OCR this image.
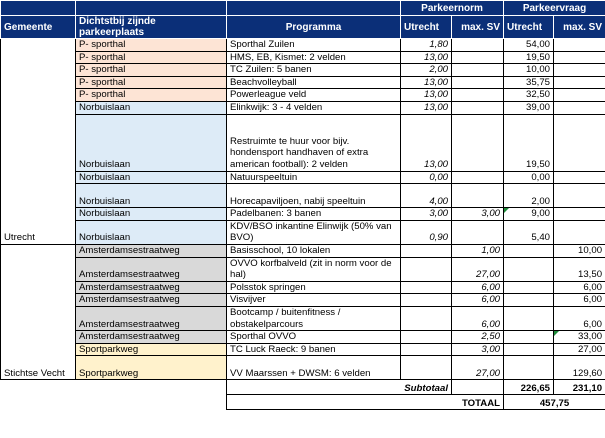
			Parkeernorm		Parkeervraag	
Gemeente	Dichtstbij zijnde parkeerplaats	Programma	Utrecht	max. SV	Utrecht	max. SV
Utrecht	P- sporthal	Sporthal Zuilen	1,80		54,00	
	P- sporthal	HMS, EB, Kismet: 2 velden	13,00		19,50	
	P- sporthal	TC Zuilen: 5 banen	2,00		10,00	
	P- sporthal	Beachvolleyball	13,00		35,75	
	P- sporthal	Powerleague veld	13,00		32,50	
	Norbuislaan	Elinkwijk: 3 - 4 velden	13,00		39,00	
	Norbuislaan	Restruimte te huur voor bijv. hondensport handhaven of extra american football): 2 velden	13,00		19,50	
	Norbuislaan	Natuurspeeltuin	0,00		0,00	
	Norbuislaan	Horecapaviljoen, nabij speeltuin	4,00		2,00	
	Norbuislaan	Padelbanen: 3 banen	3,00	3,00	9,00	
	Norbuislaan	KDV/BSO inkantine Elinwijk (50% van BVO)	0,90		5,40	
Stichtse Vecht	Amsterdamsestraatweg	Basisschool, 10 lokalen		1,00		10,00
	Amsterdamsestraatweg	OVVO korfbalveld (zit in norm voor de hal)		27,00		13,50
	Amsterdamsestraatweg	Polsstok springen		6,00		6,00
	Amsterdamsestraatweg	Visvijver		6,00		6,00
	Amsterdamsestraatweg	Bootcamp / buitenfitness / obstakelparcours		6,00		6,00
	Amsterdamsestraatweg	Sporthal OVVO		2,50		33,00
	Sportparkweg	TC Luck Raeck: 9 banen		3,00		27,00
	Sportparkweg	VV Maarssen + DWSM: 6 velden		27,00		129,60
		Subtotaal			226,65	231,10
		TOTAAL			457,75	
